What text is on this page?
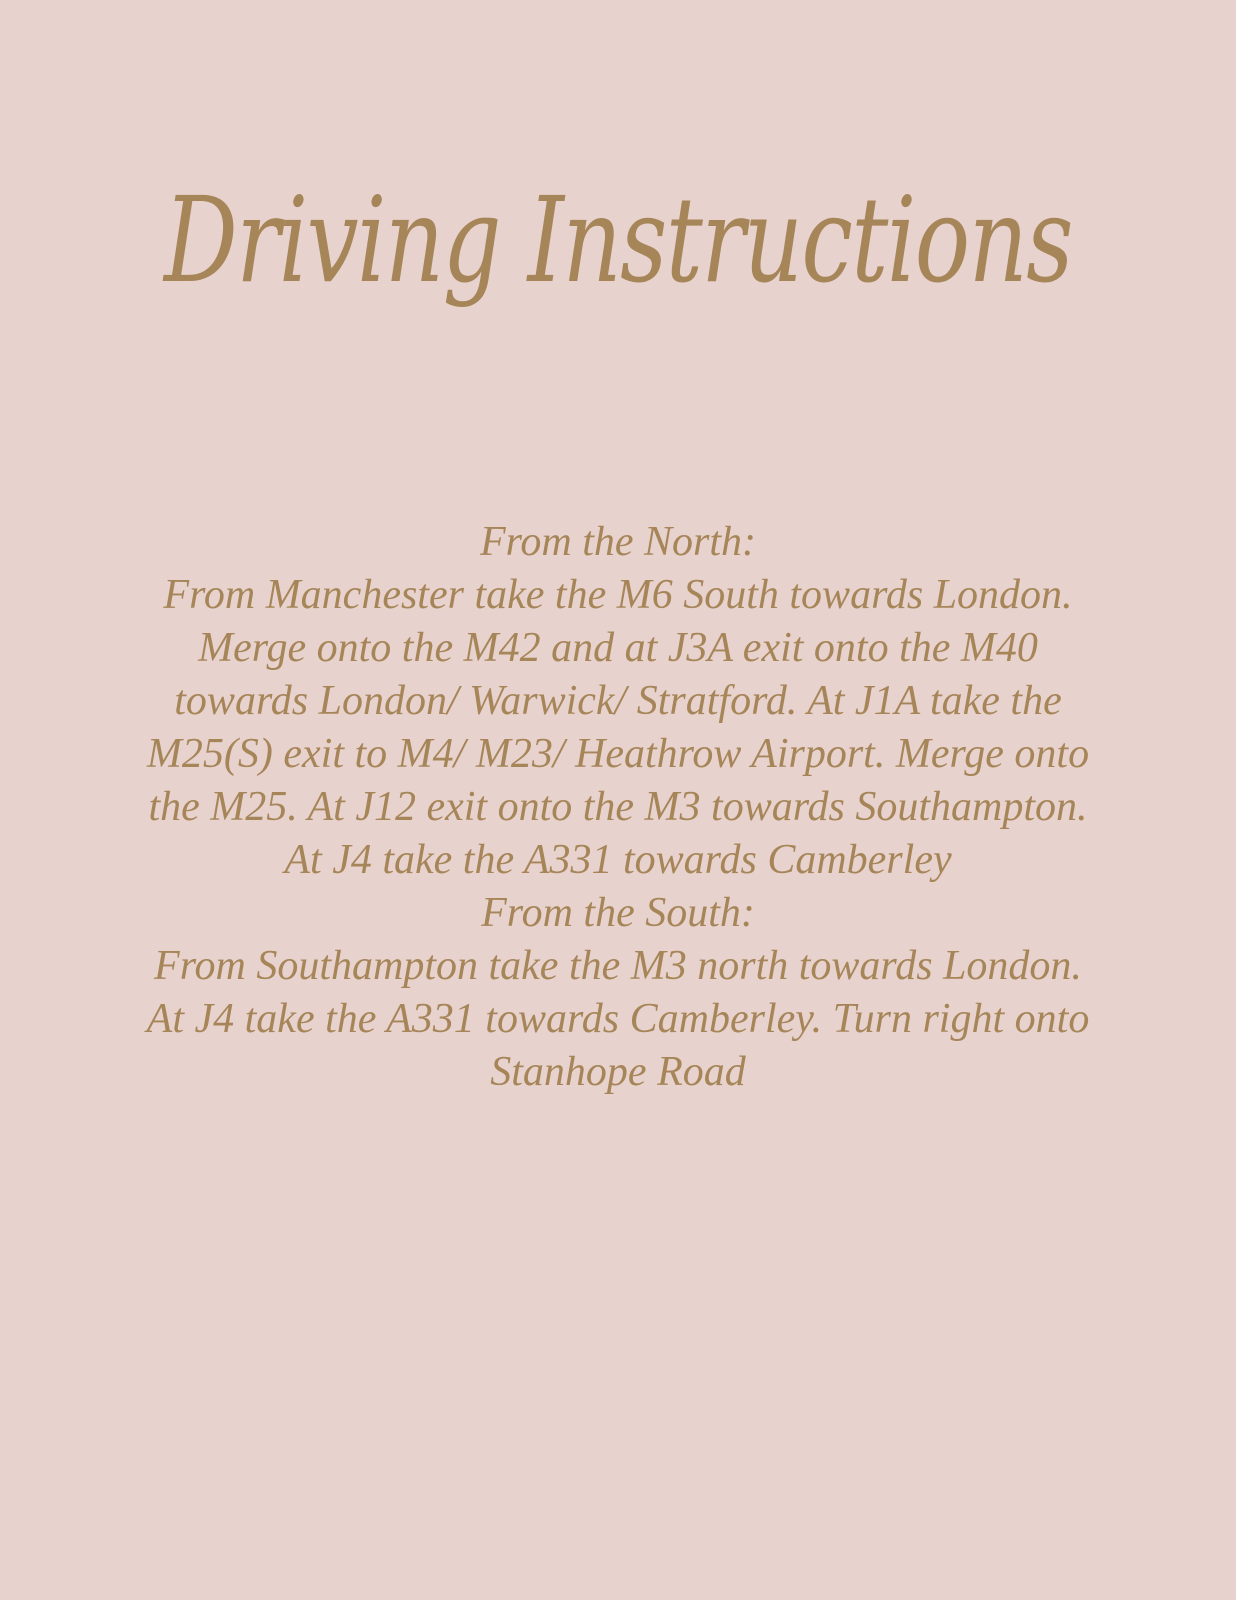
Driving Instructions

From the North:

From Manchester take the M6 South towards London. Merge onto the M42 and at J3A exit onto the M40 towards London/ Warwick/ Stratford. At J1A take the M25(S) exit to M4/ M23/ Heathrow Airport. Merge onto the M25. At J12 exit onto the M3 towards Southampton. At J4 take the A331 towards Camberley

From the South:

From Southampton take the M3 north towards London. At J4 take the A331 towards Camberley. Turn right onto Stanhope Road
